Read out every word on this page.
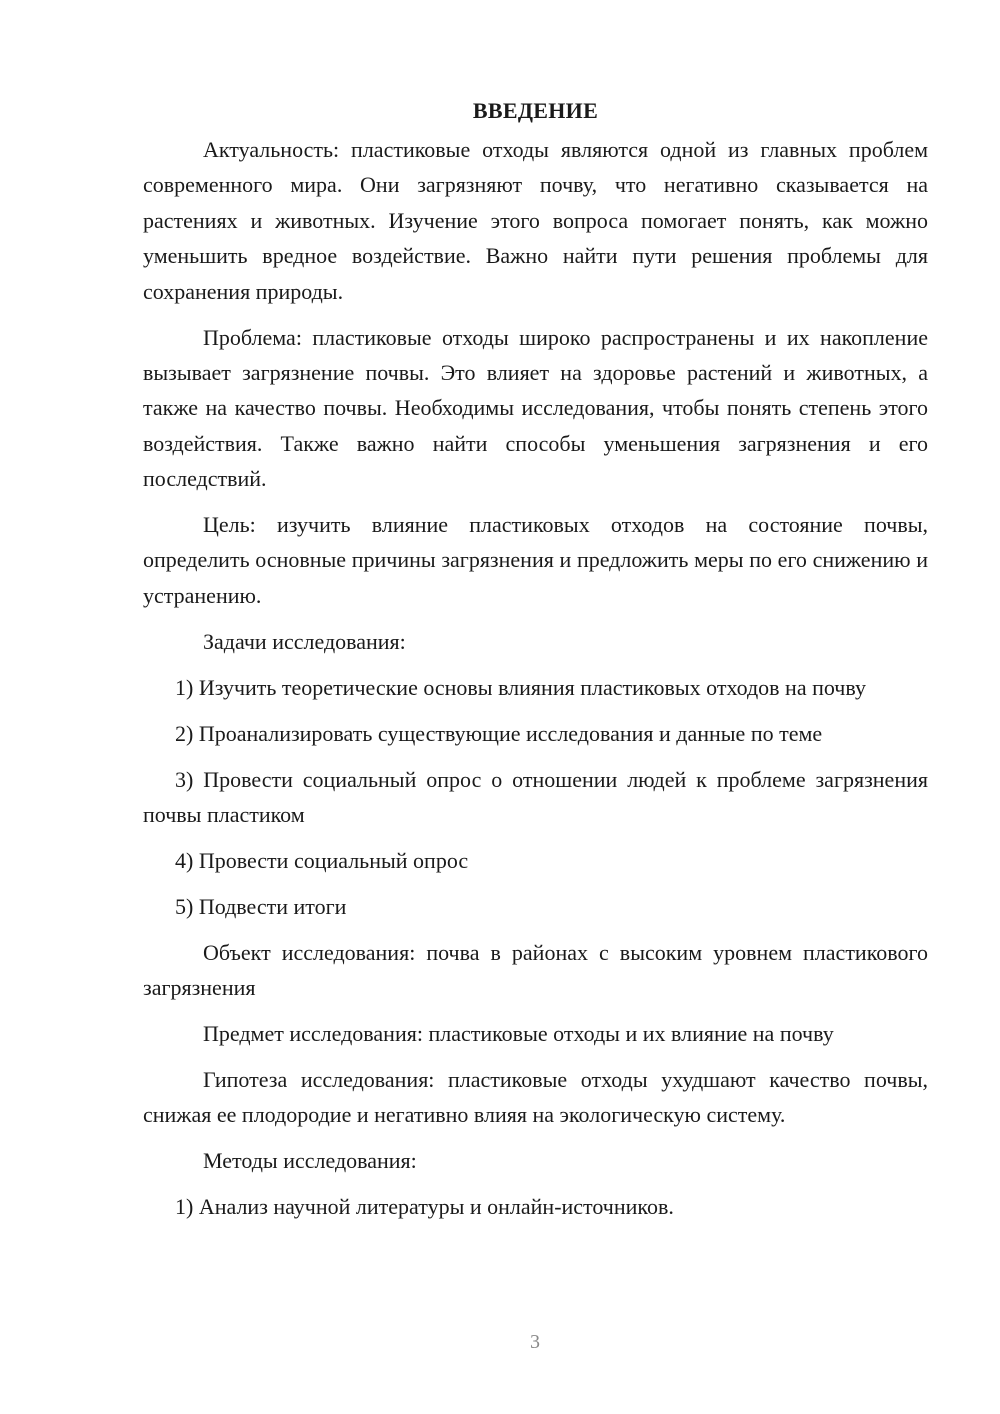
ВВЕДЕНИЕ

Актуальность: пластиковые отходы являются одной из главных проблем современного мира. Они загрязняют почву, что негативно сказывается на растениях и животных. Изучение этого вопроса помогает понять, как можно уменьшить вредное воздействие. Важно найти пути решения проблемы для сохранения природы.

Проблема: пластиковые отходы широко распространены и их накопление вызывает загрязнение почвы. Это влияет на здоровье растений и животных, а также на качество почвы. Необходимы исследования, чтобы понять степень этого воздействия. Также важно найти способы уменьшения загрязнения и его последствий.

Цель: изучить влияние пластиковых отходов на состояние почвы, определить основные причины загрязнения и предложить меры по его снижению и устранению.

Задачи исследования:

1) Изучить теоретические основы влияния пластиковых отходов на почву

2) Проанализировать существующие исследования и данные по теме

3) Провести социальный опрос о отношении людей к проблеме загрязнения почвы пластиком

4) Провести социальный опрос

5) Подвести итоги

Объект исследования: почва в районах с высоким уровнем пластикового загрязнения

Предмет исследования: пластиковые отходы и их влияние на почву

Гипотеза исследования: пластиковые отходы ухудшают качество почвы, снижая ее плодородие и негативно влияя на экологическую систему.

Методы исследования:

1) Анализ научной литературы и онлайн-источников.

3
